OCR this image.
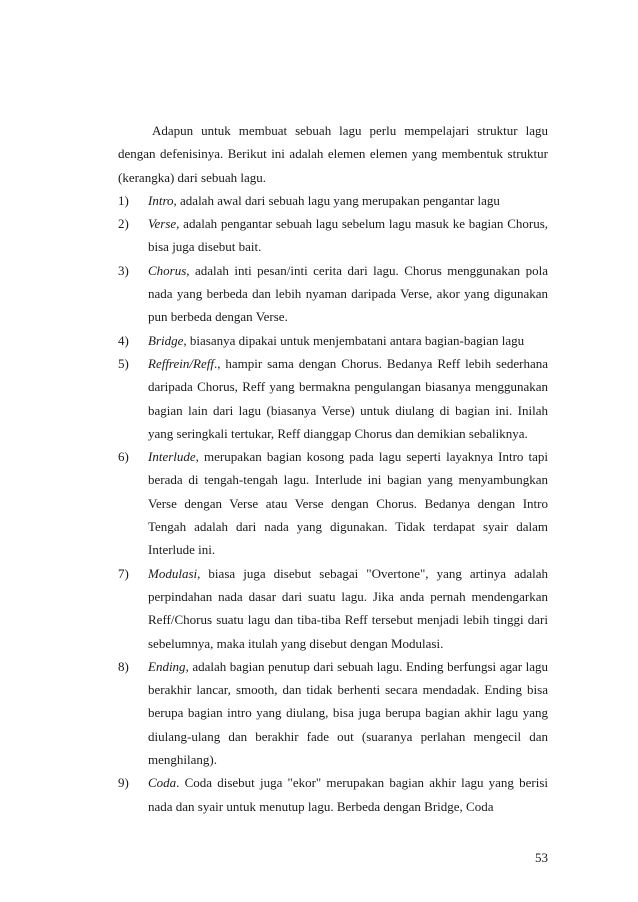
Adapun untuk membuat sebuah lagu perlu mempelajari struktur lagu dengan defenisinya. Berikut ini adalah elemen elemen yang membentuk struktur (kerangka) dari sebuah lagu.

1) Intro, adalah awal dari sebuah lagu yang merupakan pengantar lagu
2) Verse, adalah pengantar sebuah lagu sebelum lagu masuk ke bagian Chorus, bisa juga disebut bait.
3) Chorus, adalah inti pesan/inti cerita dari lagu. Chorus menggunakan pola nada yang berbeda dan lebih nyaman daripada Verse, akor yang digunakan pun berbeda dengan Verse.
4) Bridge, biasanya dipakai untuk menjembatani antara bagian-bagian lagu
5) Reffrein/Reff., hampir sama dengan Chorus. Bedanya Reff lebih sederhana daripada Chorus, Reff yang bermakna pengulangan biasanya menggunakan bagian lain dari lagu (biasanya Verse) untuk diulang di bagian ini. Inilah yang seringkali tertukar, Reff dianggap Chorus dan demikian sebaliknya.
6) Interlude, merupakan bagian kosong pada lagu seperti layaknya Intro tapi berada di tengah-tengah lagu. Interlude ini bagian yang menyambungkan Verse dengan Verse atau Verse dengan Chorus. Bedanya dengan Intro Tengah adalah dari nada yang digunakan. Tidak terdapat syair dalam Interlude ini.
7) Modulasi, biasa juga disebut sebagai "Overtone", yang artinya adalah perpindahan nada dasar dari suatu lagu. Jika anda pernah mendengarkan Reff/Chorus suatu lagu dan tiba-tiba Reff tersebut menjadi lebih tinggi dari sebelumnya, maka itulah yang disebut dengan Modulasi.
8) Ending, adalah bagian penutup dari sebuah lagu. Ending berfungsi agar lagu berakhir lancar, smooth, dan tidak berhenti secara mendadak. Ending bisa berupa bagian intro yang diulang, bisa juga berupa bagian akhir lagu yang diulang-ulang dan berakhir fade out (suaranya perlahan mengecil dan menghilang).
9) Coda. Coda disebut juga "ekor" merupakan bagian akhir lagu yang berisi nada dan syair untuk menutup lagu. Berbeda dengan Bridge, Coda
53
